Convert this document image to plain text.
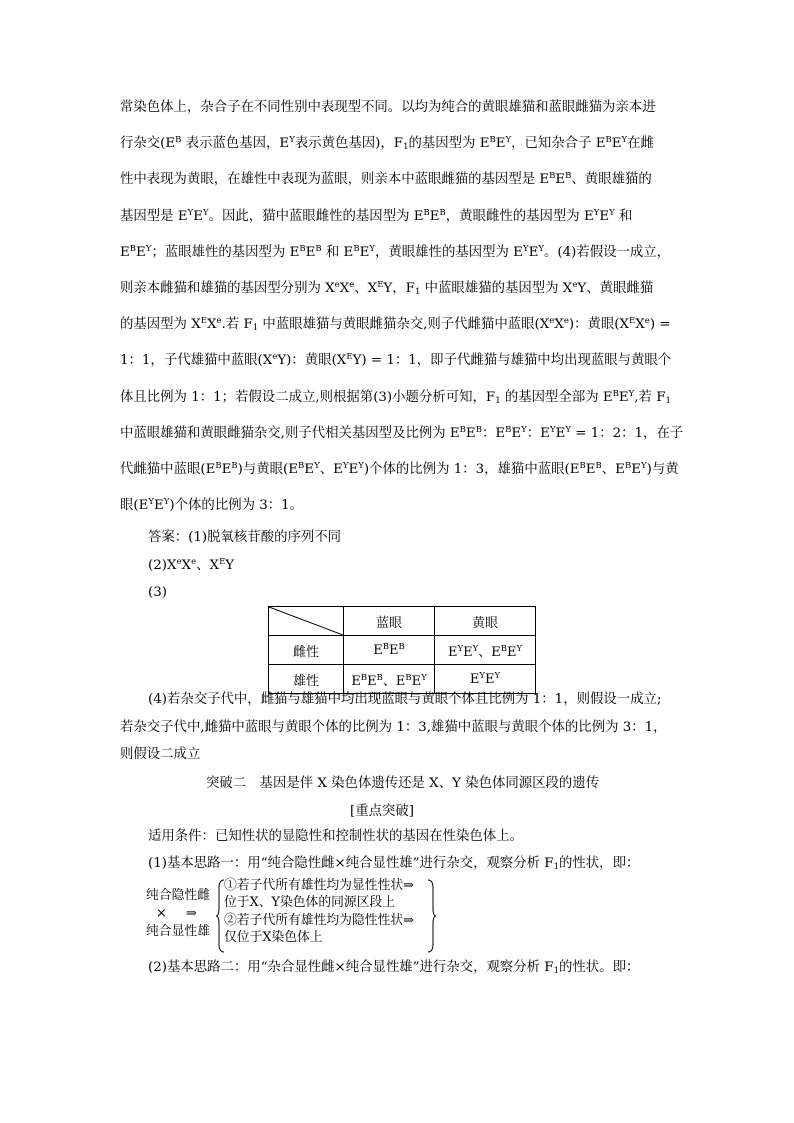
常染色体上，杂合子在不同性别中表现型不同。以均为纯合的黄眼雄猫和蓝眼雌猫为亲本进
行杂交($E^B$ 表示蓝色基因，$E^Y$表示黄色基因)，$F_1$的基因型为 $E^BE^Y$，已知杂合子 $E^BE^Y$在雌
性中表现为黄眼，在雄性中表现为蓝眼，则亲本中蓝眼雌猫的基因型是 $E^BE^B$、黄眼雄猫的
基因型是 $E^YE^Y$。因此，猫中蓝眼雌性的基因型为 $E^BE^B$，黄眼雌性的基因型为 $E^YE^Y$ 和
$E^BE^Y$；蓝眼雄性的基因型为 $E^BE^B$ 和 $E^BE^Y$，黄眼雄性的基因型为 $E^YE^Y$。(4)若假设一成立，
则亲本雌猫和雄猫的基因型分别为 XeXe、$X^EY$，$F_1$ 中蓝眼雄猫的基因型为 XeY、黄眼雌猫
的基因型为 $X^EXe$.若 $F_1$ 中蓝眼雄猫与黄眼雌猫杂交,则子代雌猫中蓝眼(XeXe)：黄眼$(X^EX^e)$ =
1：1，子代雄猫中蓝眼(XeY)：黄眼$(X^EY) = 1$：1，即子代雌猫与雄猫中均出现蓝眼与黄眼个
体且比例为 1：1；若假设二成立,则根据第(3)小题分析可知，$F_1$ 的基因型全部为 $E^BE^Y$,若 $F_1$
中蓝眼雄猫和黄眼雌猫杂交,则子代相关基因型及比例为 $E^BE^B$：$E^BE^Y$：$E^YE^Y = 1$：2：1，在子
代雌猫中蓝眼$(E^BE^B)$与黄眼($E^BE^Y$、$E^YE^Y$)个体的比例为 1：3，雄猫中蓝眼($E^BE^B$、$E^BE^Y$)与黄
眼$(E^YE^Y)$个体的比例为 3：1。
答案：(1)脱氧核苷酸的序列不同
(2)XeXe、$X^EY$
(3)
	蓝眼	黄眼
雌性	$E^BE^B$	$E^YE^Y$、$E^BE^Y$
雄性	$E^BE^B$、$E^BE^Y$	$E^YE^Y$
(4)若杂交子代中，雌猫与雄猫中均出现蓝眼与黄眼个体且比例为 1：1，则假设一成立;
若杂交子代中,雌猫中蓝眼与黄眼个体的比例为 1：3,雄猫中蓝眼与黄眼个体的比例为 3：1，
则假设二成立
突破二　基因是伴 X 染色体遗传还是 X、Y 染色体同源区段的遗传
[重点突破]
适用条件：已知性状的显隐性和控制性状的基因在性染色体上。
(1)基本思路一：用“纯合隐性雌×纯合显性雄”进行杂交，观察分析 $F_1$的性状，即：
纯合隐性雌
× ⇒
纯合显性雄
①若子代所有雄性均为显性性状⇒
位于X、Y染色体的同源区段上
②若子代所有雄性均为隐性性状⇒
仅位于X染色体上
(2)基本思路二：用“杂合显性雌×纯合显性雄”进行杂交，观察分析 $F_1$的性状。即：
